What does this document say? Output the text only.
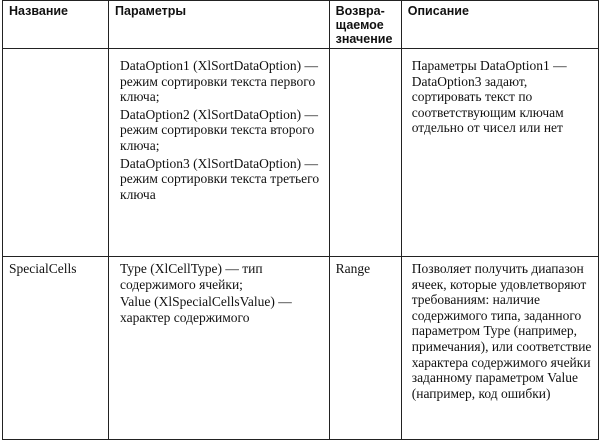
Название	Параметры	Возвра-
щаемое
значение	Описание

	DataOption1 (XlSortDataOption) — режим сортировки текста первого ключа;
DataOption2 (XlSortDataOption) — режим сортировки текста второго ключа;
DataOption3 (XlSortDataOption) — режим сортировки текста третьего ключа		Параметры DataOption1 — DataOption3 задают, сортировать текст по соответствующим ключам отдельно от чисел или нет

SpecialCells	Type (XlCellType) — тип содержимого ячейки;
Value (XlSpecialCellsValue) — характер содержимого	Range	Позволяет получить диапазон ячеек, которые удовлетворяют требованиям: наличие содержимого типа, заданного параметром Type (например, примечания), или соответствие характера содержимого ячейки заданному параметром Value (например, код ошибки)
